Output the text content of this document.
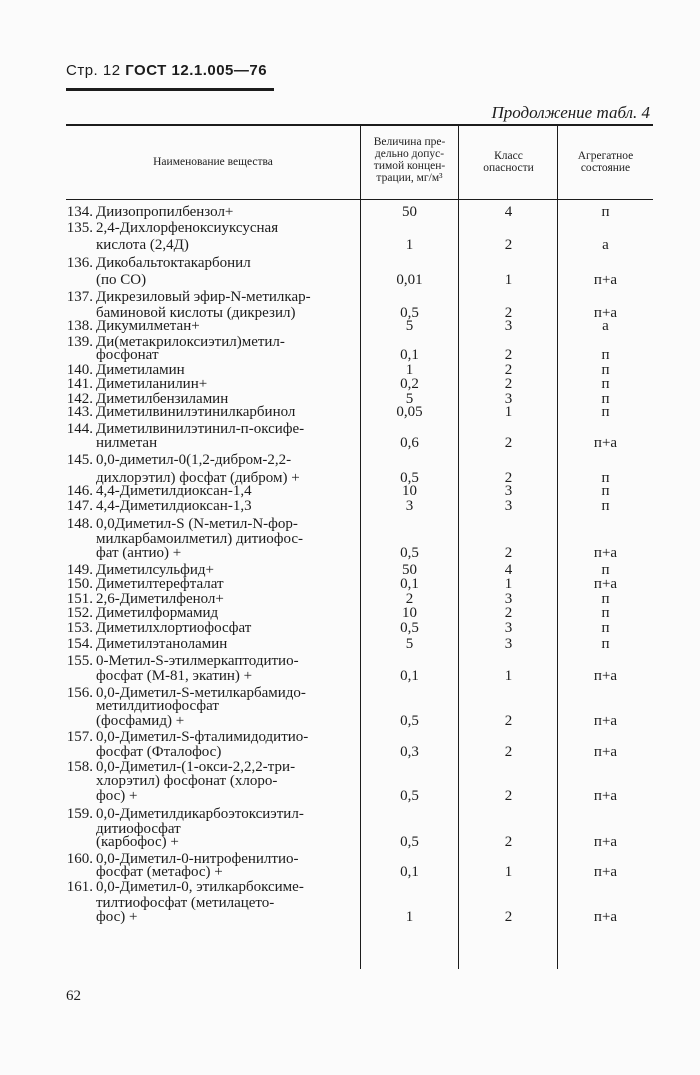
Стр. 12 ГОСТ 12.1.005—76
Продолжение табл. 4
Наименование вещества
Величина пре-
дельно допус-
тимой концен-
трации, мг/м³
Класс
опасности
Агрегатное
состояние
134. Диизопропилбензол+	50	4	п
135. 2,4-Дихлорфеноксиуксусная
кислота (2,4Д)	1	2	а
136. Дикобальтоктакарбонил
(по СО)	0,01	1	п+а
137. Дикрезиловый эфир-N-метилкар-
баминовой кислоты (дикрезил)	0,5	2	п+а
138. Дикумилметан+	5	3	а
139. Ди(метакрилоксиэтил)метил-
фосфонат	0,1	2	п
140. Диметиламин	1	2	п
141. Диметиланилин+	0,2	2	п
142. Диметилбензиламин	5	3	п
143. Диметилвинилэтинилкарбинол	0,05	1	п
144. Диметилвинилэтинил-п-оксифе-
нилметан	0,6	2	п+а
145. 0,0-диметил-0(1,2-дибром-2,2-
дихлорэтил) фосфат (дибром) +	0,5	2	п
146. 4,4-Диметилдиоксан-1,4	10	3	п
147. 4,4-Диметилдиоксан-1,3	3	3	п
148. 0,0Диметил-S (N-метил-N-фор-
милкарбамоилметил) дитиофос-
фат (антио) +	0,5	2	п+а
149. Диметилсульфид+	50	4	п
150. Диметилтерефталат	0,1	1	п+а
151. 2,6-Диметилфенол+	2	3	п
152. Диметилформамид	10	2	п
153. Диметилхлортиофосфат	0,5	3	п
154. Диметилэтаноламин	5	3	п
155. 0-Метил-S-этилмеркаптодитио-
фосфат (М-81, экатин) +	0,1	1	п+а
156. 0,0-Диметил-S-метилкарбамидо-
метилдитиофосфат
(фосфамид) +	0,5	2	п+а
157. 0,0-Диметил-S-фталимидодитио-
фосфат (Фталофос)	0,3	2	п+а
158. 0,0-Диметил-(1-окси-2,2,2-три-
хлорэтил) фосфонат (хлоро-
фос) +	0,5	2	п+а
159. 0,0-Диметилдикарбоэтоксиэтил-
дитиофосфат
(карбофос) +	0,5	2	п+а
160. 0,0-Диметил-0-нитрофенилтио-
фосфат (метафос) +	0,1	1	п+а
161. 0,0-Диметил-0, этилкарбоксиме-
тилтиофосфат (метилацето-
фос) +	1	2	п+а
62
